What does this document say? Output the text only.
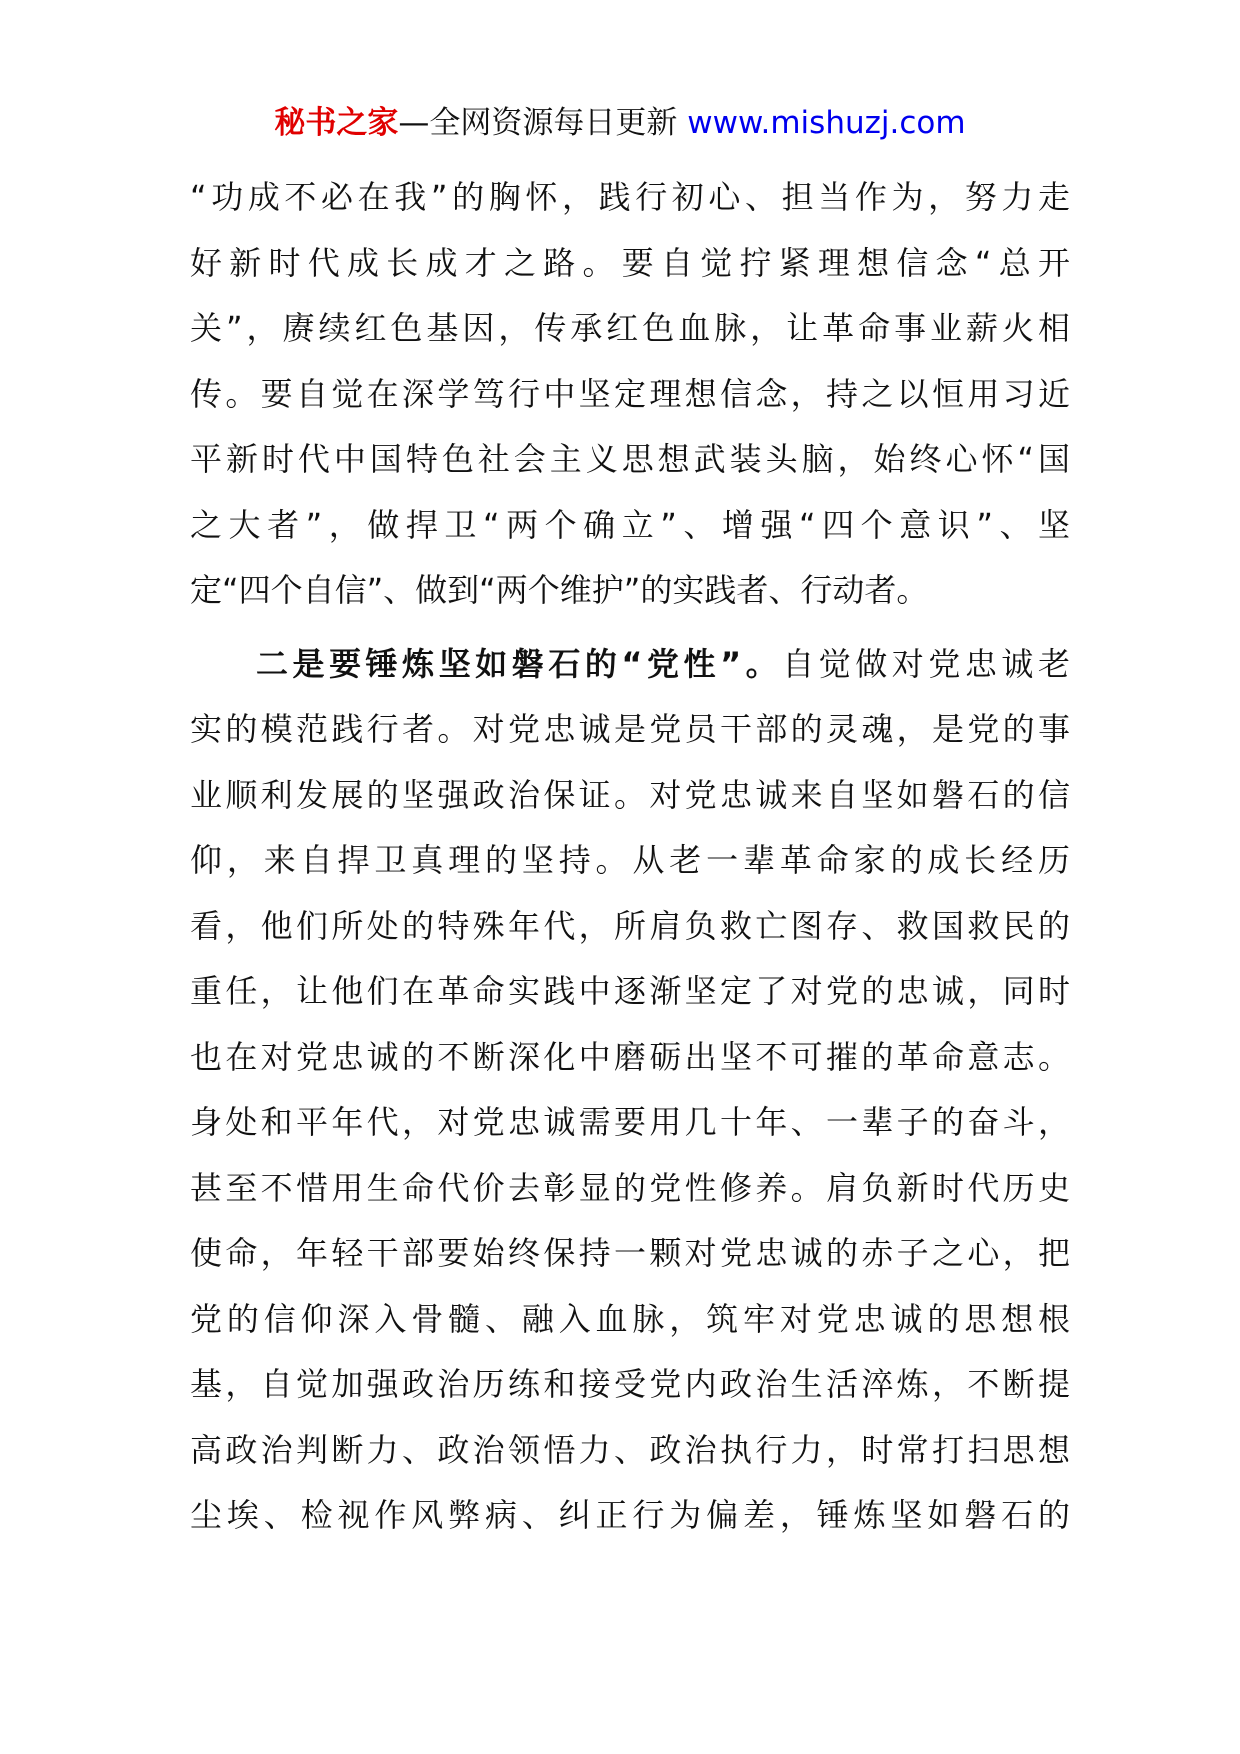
秘书之家—全网资源每日更新 www.mishuzj.com
“功成不必在我”的胸怀，践行初心、担当作为，努力走
好新时代成长成才之路。要自觉拧紧理想信念“总开
关”，赓续红色基因，传承红色血脉，让革命事业薪火相
传。要自觉在深学笃行中坚定理想信念，持之以恒用习近
平新时代中国特色社会主义思想武装头脑，始终心怀“国
之大者”，做捍卫“两个确立”、增强“四个意识”、坚
定“四个自信”、做到“两个维护”的实践者、行动者。
二是要锤炼坚如磐石的“党性”。自觉做对党忠诚老
实的模范践行者。对党忠诚是党员干部的灵魂，是党的事
业顺利发展的坚强政治保证。对党忠诚来自坚如磐石的信
仰，来自捍卫真理的坚持。从老一辈革命家的成长经历
看，他们所处的特殊年代，所肩负救亡图存、救国救民的
重任，让他们在革命实践中逐渐坚定了对党的忠诚，同时
也在对党忠诚的不断深化中磨砺出坚不可摧的革命意志。
身处和平年代，对党忠诚需要用几十年、一辈子的奋斗，
甚至不惜用生命代价去彰显的党性修养。肩负新时代历史
使命，年轻干部要始终保持一颗对党忠诚的赤子之心，把
党的信仰深入骨髓、融入血脉，筑牢对党忠诚的思想根
基，自觉加强政治历练和接受党内政治生活淬炼，不断提
高政治判断力、政治领悟力、政治执行力，时常打扫思想
尘埃、检视作风弊病、纠正行为偏差，锤炼坚如磐石的
